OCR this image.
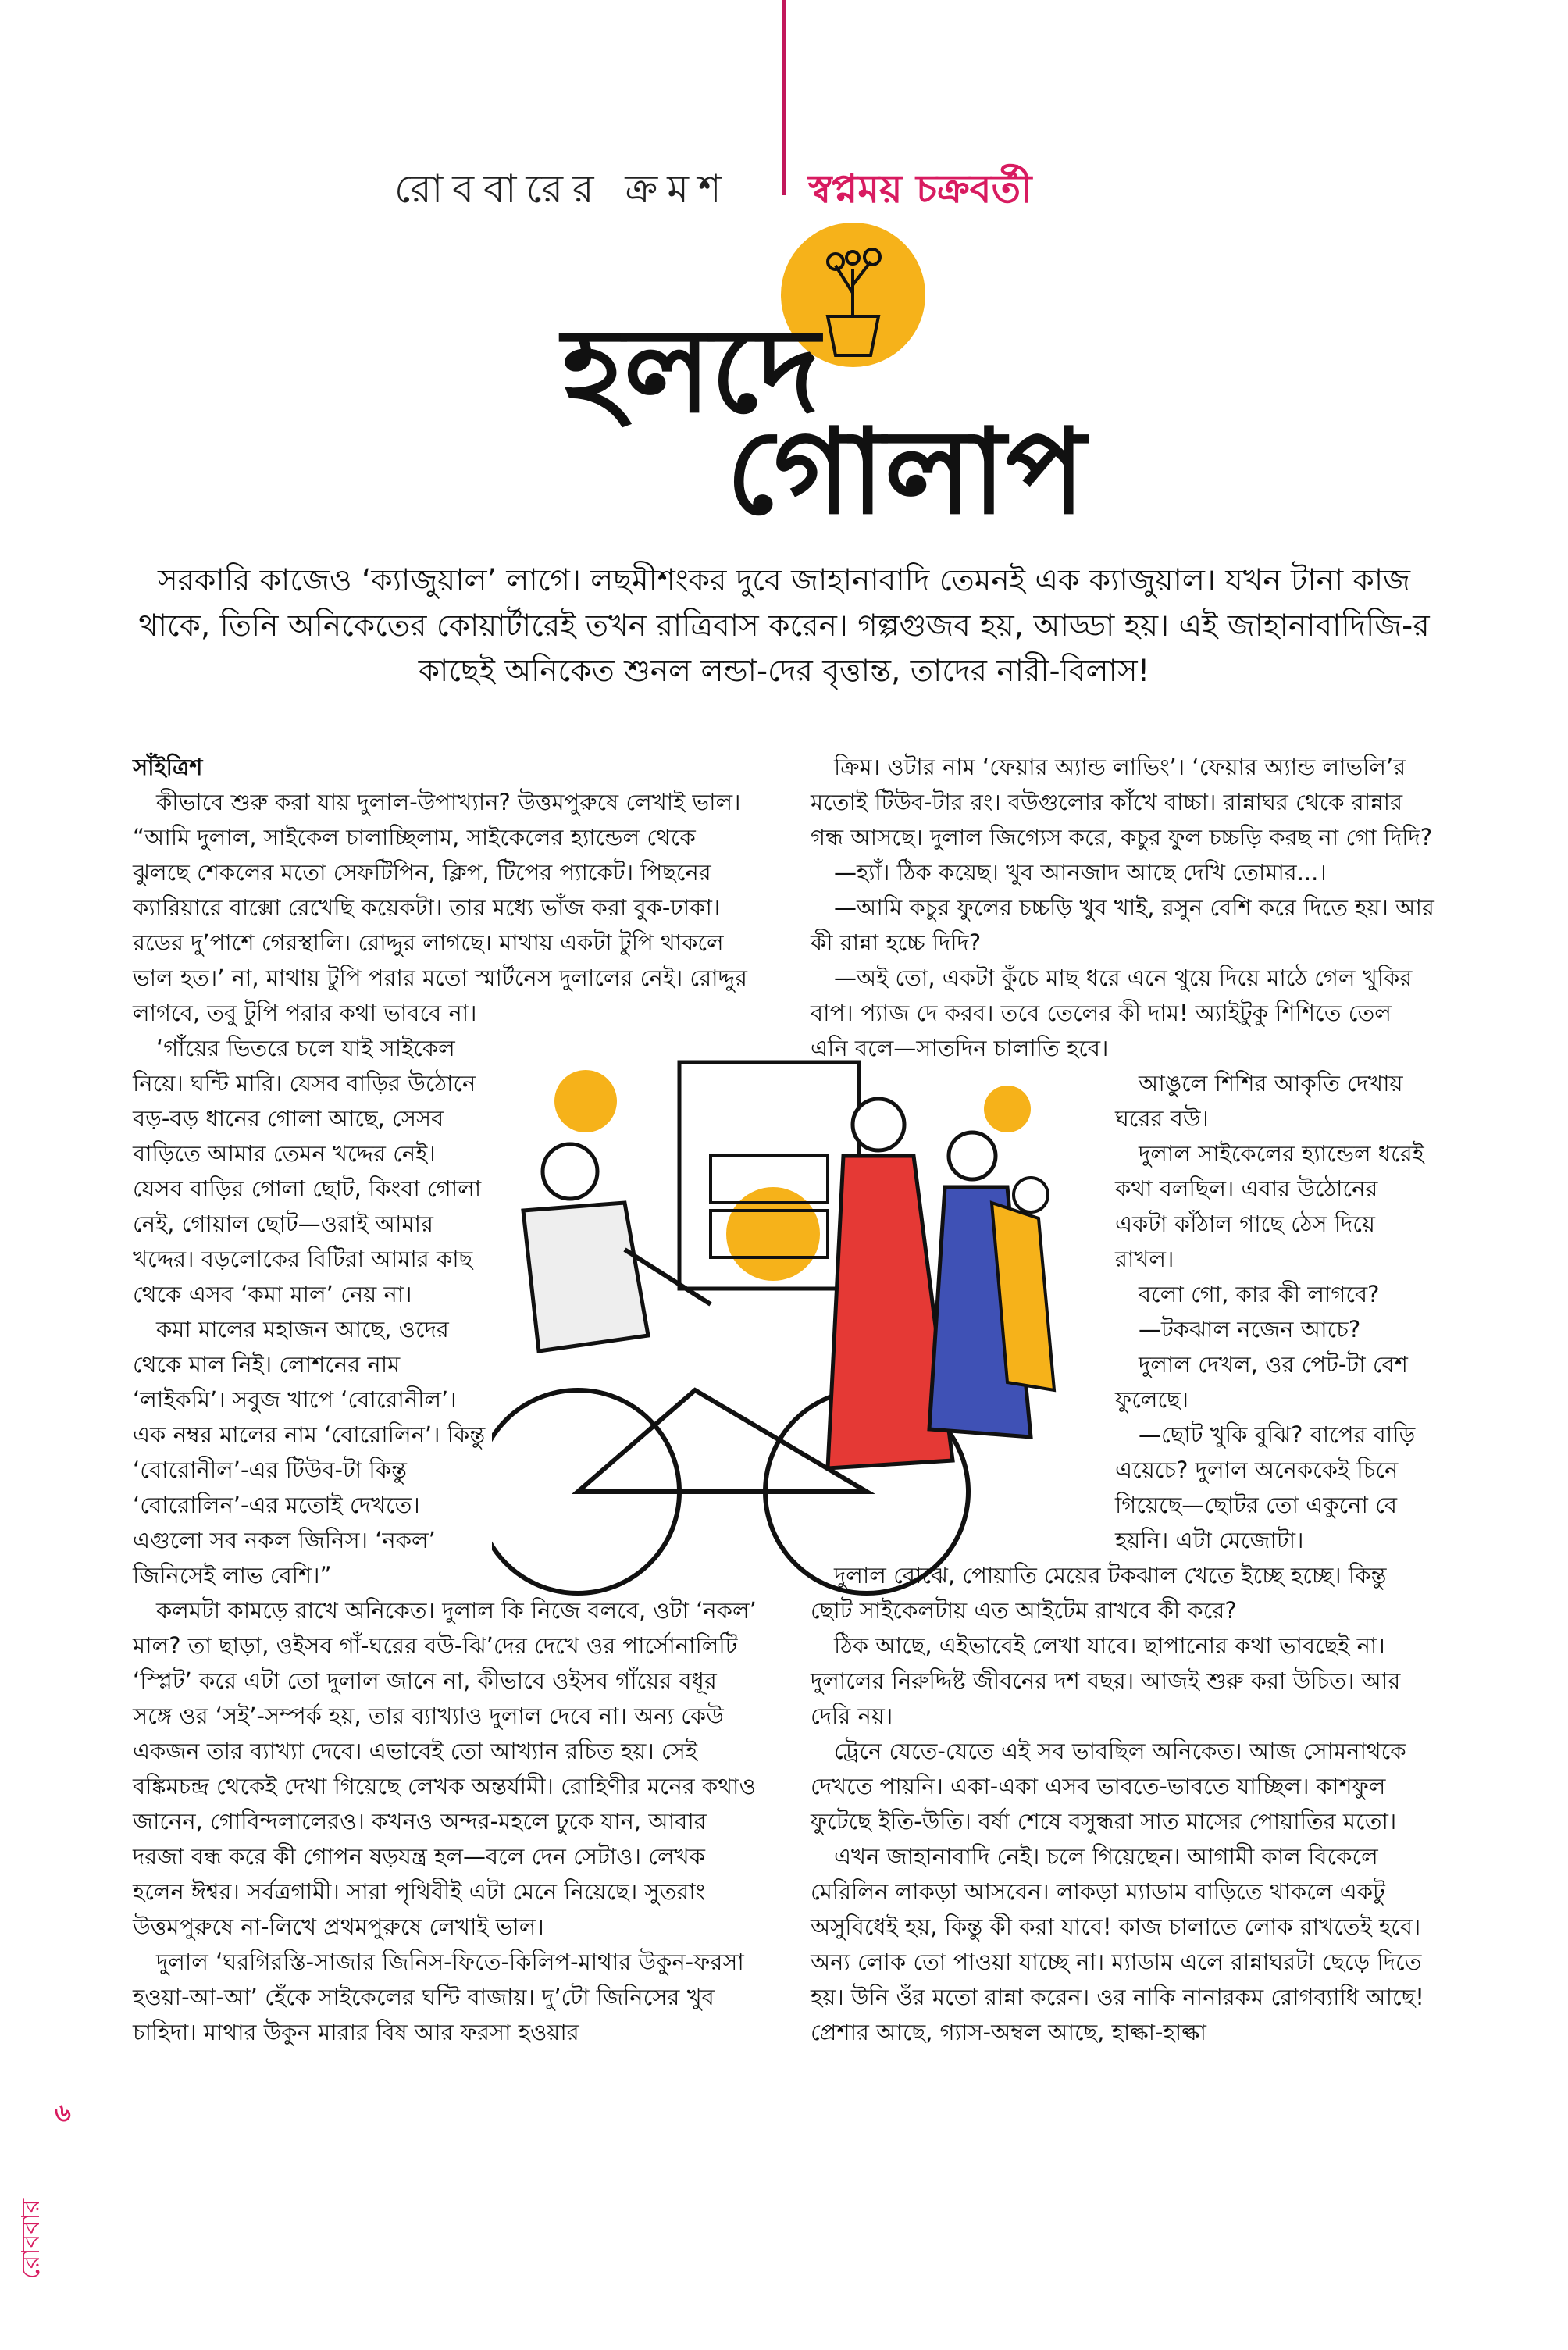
রোববারের ক্রমশ স্বপ্নময় চক্রবর্তী
হলদে
গোলাপ
সরকারি কাজেও ‘ক্যাজুয়াল’ লাগে। লছমীশংকর দুবে জাহানাবাদি তেমনই এক ক্যাজুয়াল। যখন টানা কাজ থাকে, তিনি অনিকেতের কোয়ার্টারেই তখন রাত্রিবাস করেন। গল্পগুজব হয়, আড্ডা হয়। এই জাহানাবাদিজি-র কাছেই অনিকেত শুনল লন্ডা-দের বৃত্তান্ত, তাদের নারী-বিলাস!

সাঁইত্রিশ

কীভাবে শুরু করা যায় দুলাল-উপাখ্যান? উত্তমপুরুষে লেখাই ভাল। “আমি দুলাল, সাইকেল চালাচ্ছিলাম, সাইকেলের হ্যান্ডেল থেকে ঝুলছে শেকলের মতো সেফটিপিন, ক্লিপ, টিপের প্যাকেট। পিছনের ক্যারিয়ারে বাক্সো রেখেছি কয়েকটা। তার মধ্যে ভাঁজ করা বুক-ঢাকা। রডের দু’পাশে গেরস্থালি। রোদ্দুর লাগছে। মাথায় একটা টুপি থাকলে ভাল হত।’ না, মাথায় টুপি পরার মতো স্মার্টনেস দুলালের নেই। রোদ্দুর লাগবে, তবু টুপি পরার কথা ভাববে না।

‘গাঁয়ের ভিতরে চলে যাই সাইকেল নিয়ে। ঘন্টি মারি। যেসব বাড়ির উঠোনে বড়-বড় ধানের গোলা আছে, সেসব বাড়িতে আমার তেমন খদ্দের নেই। যেসব বাড়ির গোলা ছোট, কিংবা গোলা নেই, গোয়াল ছোট—ওরাই আমার খদ্দের। বড়লোকের বিটিরা আমার কাছ থেকে এসব ‘কমা মাল’ নেয় না।

কমা মালের মহাজন আছে, ওদের থেকে মাল নিই। লোশনের নাম ‘লাইকমি’। সবুজ খাপে ‘বোরোনীল’। এক নম্বর মালের নাম ‘বোরোলিন’। কিন্তু ‘বোরোনীল’-এর টিউব-টা কিন্তু ‘বোরোলিন’-এর মতোই দেখতে। এগুলো সব নকল জিনিস। ‘নকল’ জিনিসেই লাভ বেশি।”

কলমটা কামড়ে রাখে অনিকেত। দুলাল কি নিজে বলবে, ওটা ‘নকল’ মাল? তা ছাড়া, ওইসব গাঁ-ঘরের বউ-ঝি’দের দেখে ওর পার্সোনালিটি ‘স্প্লিট’ করে এটা তো দুলাল জানে না, কীভাবে ওইসব গাঁয়ের বধূর সঙ্গে ওর ‘সই’-সম্পর্ক হয়, তার ব্যাখ্যাও দুলাল দেবে না। অন্য কেউ একজন তার ব্যাখ্যা দেবে। এভাবেই তো আখ্যান রচিত হয়। সেই বঙ্কিমচন্দ্র থেকেই দেখা গিয়েছে লেখক অন্তর্যামী। রোহিণীর মনের কথাও জানেন, গোবিন্দলালেরও। কখনও অন্দর-মহলে ঢুকে যান, আবার দরজা বন্ধ করে কী গোপন ষড়যন্ত্র হল—বলে দেন সেটাও। লেখক হলেন ঈশ্বর। সর্বত্রগামী। সারা পৃথিবীই এটা মেনে নিয়েছে। সুতরাং উত্তমপুরুষে না-লিখে প্রথমপুরুষে লেখাই ভাল।

দুলাল ‘ঘরগিরস্তি-সাজার জিনিস-ফিতে-কিলিপ-মাথার উকুন-ফরসা হওয়া-আ-আ’ হেঁকে সাইকেলের ঘন্টি বাজায়। দু’টো জিনিসের খুব চাহিদা। মাথার উকুন মারার বিষ আর ফরসা হওয়ার

ক্রিম। ওটার নাম ‘ফেয়ার অ্যান্ড লাভিং’। ‘ফেয়ার অ্যান্ড লাভলি’র মতোই টিউব-টার রং। বউগুলোর কাঁখে বাচ্চা। রান্নাঘর থেকে রান্নার গন্ধ আসছে। দুলাল জিগ্যেস করে, কচুর ফুল চচ্চড়ি করছ না গো দিদি?

—হ্যাঁ। ঠিক কয়েছ। খুব আনজাদ আছে দেখি তোমার...।

—আমি কচুর ফুলের চচ্চড়ি খুব খাই, রসুন বেশি করে দিতে হয়। আর কী রান্না হচ্চে দিদি?

—অই তো, একটা কুঁচে মাছ ধরে এনে থুয়ে দিয়ে মাঠে গেল খুকির বাপ। প্যাজ দে করব। তবে তেলের কী দাম! অ্যাইটুকু শিশিতে তেল এনি বলে—সাতদিন চালাতি হবে।

আঙুলে শিশির আকৃতি দেখায় ঘরের বউ।

দুলাল সাইকেলের হ্যান্ডেল ধরেই কথা বলছিল। এবার উঠোনের একটা কাঁঠাল গাছে ঠেস দিয়ে রাখল।

বলো গো, কার কী লাগবে?

—টকঝাল নজেন আচে?

দুলাল দেখল, ওর পেট-টা বেশ ফুলেছে।

—ছোট খুকি বুঝি? বাপের বাড়ি এয়েচে? দুলাল অনেককেই চিনে গিয়েছে—ছোটর তো একুনো বে হয়নি। এটা মেজোটা।

দুলাল বোঝে, পোয়াতি মেয়ের টকঝাল খেতে ইচ্ছে হচ্ছে। কিন্তু ছোট সাইকেলটায় এত আইটেম রাখবে কী করে?

ঠিক আছে, এইভাবেই লেখা যাবে। ছাপানোর কথা ভাবছেই না। দুলালের নিরুদ্দিষ্ট জীবনের দশ বছর। আজই শুরু করা উচিত। আর দেরি নয়।

ট্রেনে যেতে-যেতে এই সব ভাবছিল অনিকেত। আজ সোমনাথকে দেখতে পায়নি। একা-একা এসব ভাবতে-ভাবতে যাচ্ছিল। কাশফুল ফুটেছে ইতি-উতি। বর্ষা শেষে বসুন্ধরা সাত মাসের পোয়াতির মতো।

এখন জাহানাবাদি নেই। চলে গিয়েছেন। আগামী কাল বিকেলে মেরিলিন লাকড়া আসবেন। লাকড়া ম্যাডাম বাড়িতে থাকলে একটু অসুবিধেই হয়, কিন্তু কী করা যাবে! কাজ চালাতে লোক রাখতেই হবে। অন্য লোক তো পাওয়া যাচ্ছে না। ম্যাডাম এলে রান্নাঘরটা ছেড়ে দিতে হয়। উনি ওঁর মতো রান্না করেন। ওর নাকি নানারকম রোগব্যাধি আছে! প্রেশার আছে, গ্যাস-অম্বল আছে, হাল্কা-হাল্কা

৬
রোববার
